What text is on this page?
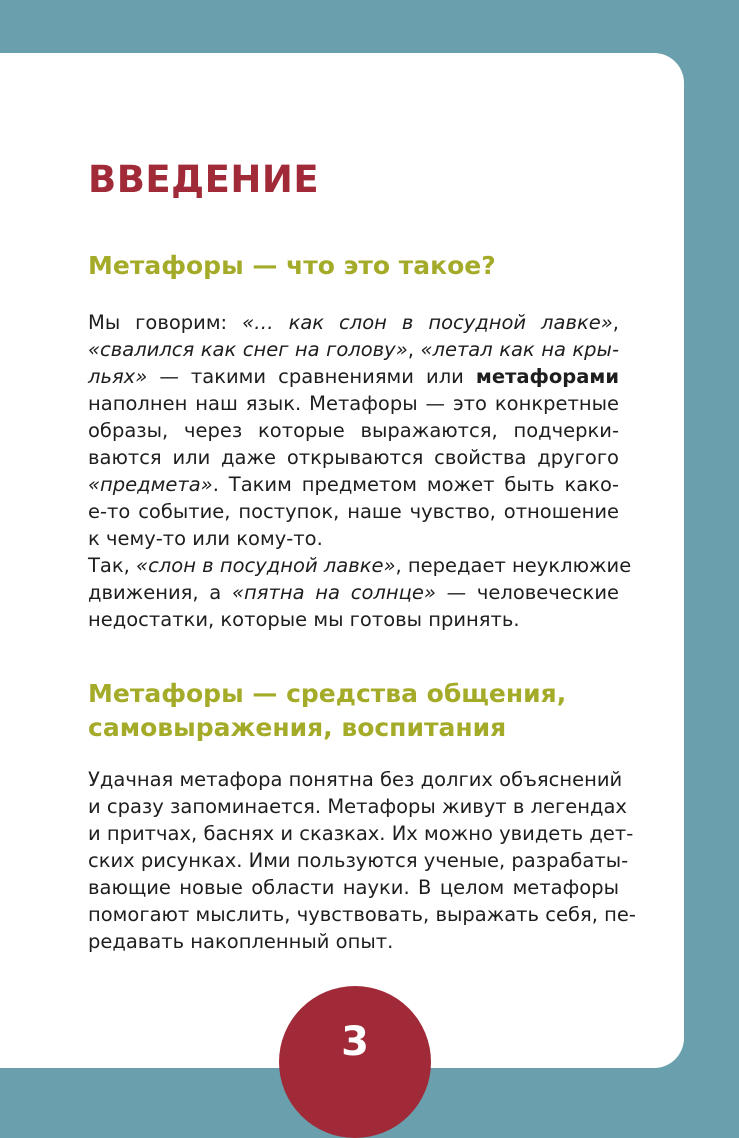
ВВЕДЕНИЕ
Метафоры — что это такое?
Мы говорим: «… как слон в посудной лавке»,
«свалился как снег на голову», «летал как на кры-
льях» — такими сравнениями или метафорами
наполнен наш язык. Метафоры — это конкретные
образы, через которые выражаются, подчерки-
ваются или даже открываются свойства другого
«предмета». Таким предметом может быть како-
е-то событие, поступок, наше чувство, отношение
к чему-то или кому-то.
Так, «слон в посудной лавке», передает неуклюжие
движения, а «пятна на солнце» — человеческие
недостатки, которые мы готовы принять.
Метафоры — средства общения,
самовыражения, воспитания
Удачная метафора понятна без долгих объяснений
и сразу запоминается. Метафоры живут в легендах
и притчах, баснях и сказках. Их можно увидеть дет-
ских рисунках. Ими пользуются ученые, разрабаты-
вающие новые области науки. В целом метафоры
помогают мыслить, чувствовать, выражать себя, пе-
редавать накопленный опыт.
3
